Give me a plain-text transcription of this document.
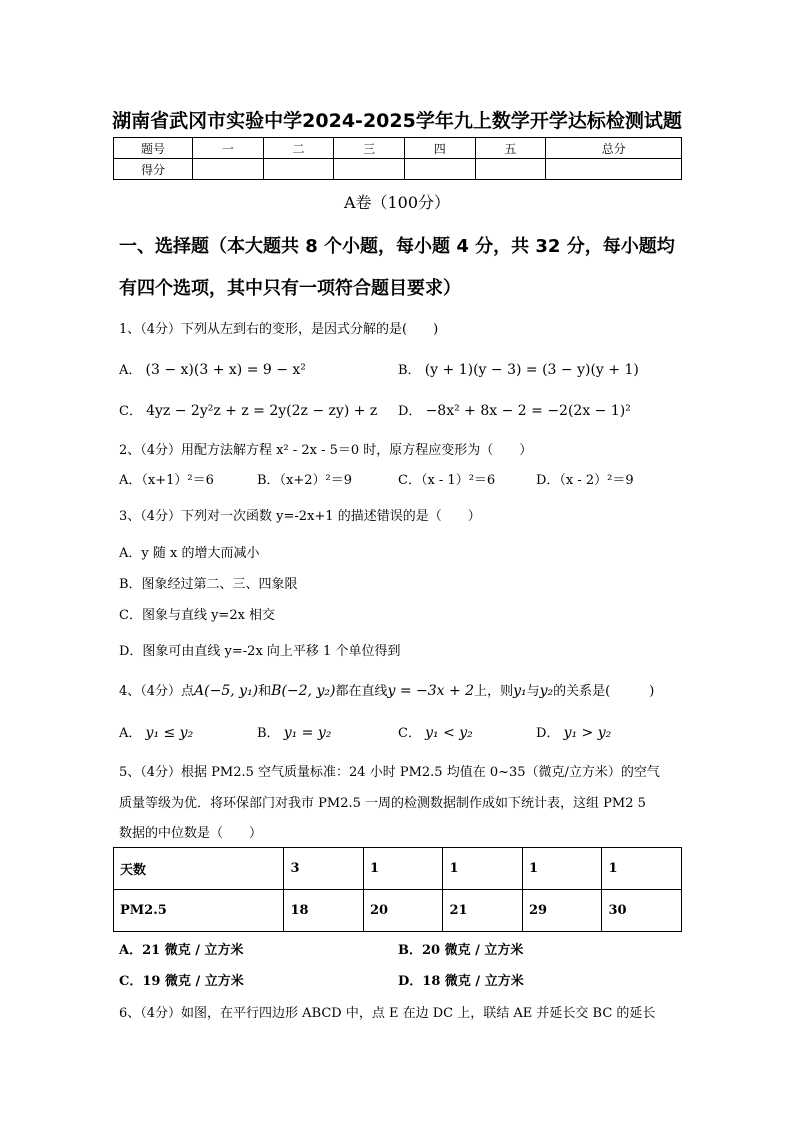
湖南省武冈市实验中学2024-2025学年九上数学开学达标检测试题
题号	一	二	三	四	五	总分
得分						
A卷（100分）
一、选择题（本大题共 8 个小题，每小题 4 分，共 32 分，每小题均
有四个选项，其中只有一项符合题目要求）
1、（4分）下列从左到右的变形，是因式分解的是(　　)
A． (3 − x)(3 + x) = 9 − x²	B． (y + 1)(y − 3) = (3 − y)(y + 1)
C． 4yz − 2y²z + z = 2y(2z − zy) + z D． −8x² + 8x − 2 = −2(2x − 1)²
2、（4分）用配方法解方程 x² - 2x - 5＝0 时，原方程应变形为（　　）
A．（x+1）²＝6	B．（x+2）²＝9	C．（x - 1）²＝6	D．（x - 2）²＝9
3、（4分）下列对一次函数 y=-2x+1 的描述错误的是（　　）
A．y 随 x 的增大而减小
B．图象经过第二、三、四象限
C．图象与直线 y=2x 相交
D．图象可由直线 y=-2x 向上平移 1 个单位得到
4、（4分）点A(−5, y₁)和B(−2, y₂)都在直线y = −3x + 2上，则y₁与y₂的关系是(　　　)
A． y₁ ≤ y₂	B． y₁ = y₂	C． y₁ < y₂	D． y₁ > y₂
5、（4分）根据 PM2.5 空气质量标准：24 小时 PM2.5 均值在 0~35（微克/立方米）的空气
质量等级为优．将环保部门对我市 PM2.5 一周的检测数据制作成如下统计表，这组 PM2 5
数据的中位数是（　　）
天数	3	1	1	1	1
PM2.5	18	20	21	29	30
A．21 微克 / 立方米	B．20 微克 / 立方米
C．19 微克 / 立方米	D．18 微克 / 立方米
6、（4分）如图，在平行四边形 ABCD 中，点 E 在边 DC 上，联结 AE 并延长交 BC 的延长
